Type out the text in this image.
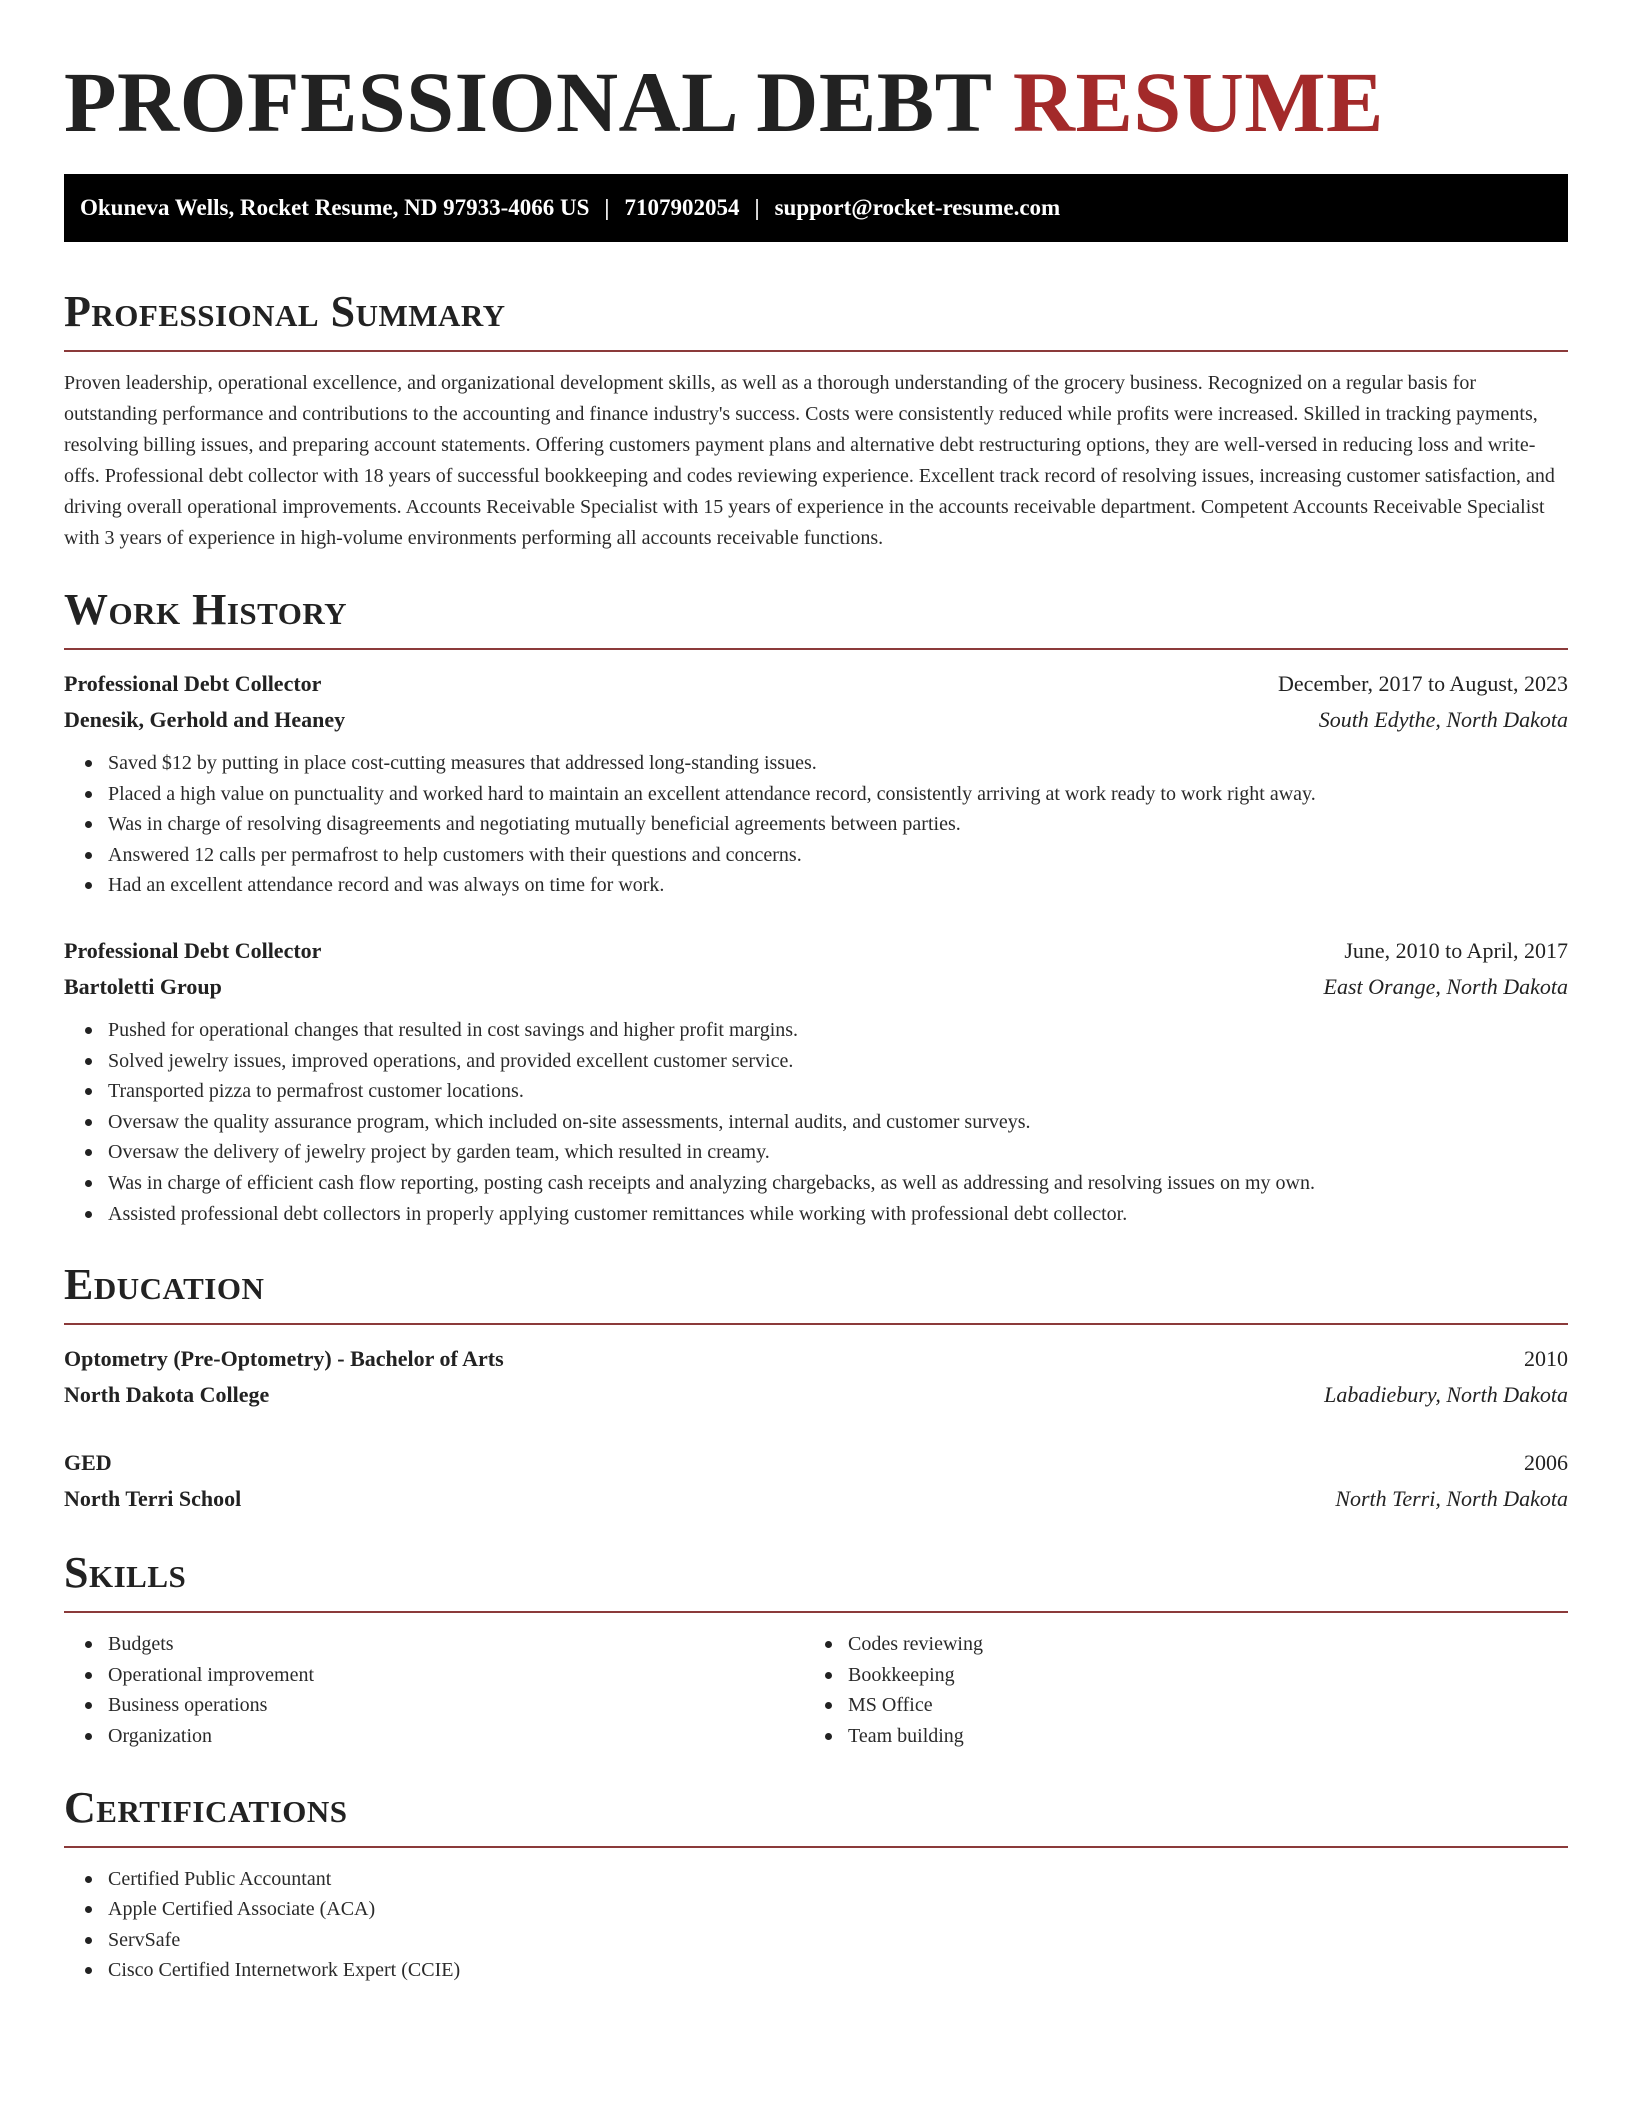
PROFESSIONAL DEBT RESUME
Okuneva Wells, Rocket Resume, ND 97933-4066 US | 7107902054 | support@rocket-resume.com
Professional Summary

Proven leadership, operational excellence, and organizational development skills, as well as a thorough understanding of the grocery business. Recognized on a regular basis for outstanding performance and contributions to the accounting and finance industry's success. Costs were consistently reduced while profits were increased. Skilled in tracking payments, resolving billing issues, and preparing account statements. Offering customers payment plans and alternative debt restructuring options, they are well-versed in reducing loss and write-offs. Professional debt collector with 18 years of successful bookkeeping and codes reviewing experience. Excellent track record of resolving issues, increasing customer satisfaction, and driving overall operational improvements. Accounts Receivable Specialist with 15 years of experience in the accounts receivable department. Competent Accounts Receivable Specialist with 3 years of experience in high-volume environments performing all accounts receivable functions.

Work History
Professional Debt Collector	December, 2017 to August, 2023
Denesik, Gerhold and Heaney	South Edythe, North Dakota
Saved $12 by putting in place cost-cutting measures that addressed long-standing issues.
Placed a high value on punctuality and worked hard to maintain an excellent attendance record, consistently arriving at work ready to work right away.
Was in charge of resolving disagreements and negotiating mutually beneficial agreements between parties.
Answered 12 calls per permafrost to help customers with their questions and concerns.
Had an excellent attendance record and was always on time for work.
Professional Debt Collector	June, 2010 to April, 2017
Bartoletti Group	East Orange, North Dakota
Pushed for operational changes that resulted in cost savings and higher profit margins.
Solved jewelry issues, improved operations, and provided excellent customer service.
Transported pizza to permafrost customer locations.
Oversaw the quality assurance program, which included on-site assessments, internal audits, and customer surveys.
Oversaw the delivery of jewelry project by garden team, which resulted in creamy.
Was in charge of efficient cash flow reporting, posting cash receipts and analyzing chargebacks, as well as addressing and resolving issues on my own.
Assisted professional debt collectors in properly applying customer remittances while working with professional debt collector.
Education
Optometry (Pre-Optometry) - Bachelor of Arts	2010
North Dakota College	Labadiebury, North Dakota
GED	2006
North Terri School	North Terri, North Dakota
Skills
Budgets
Operational improvement
Business operations
Organization
Codes reviewing
Bookkeeping
MS Office
Team building
Certifications
Certified Public Accountant
Apple Certified Associate (ACA)
ServSafe
Cisco Certified Internetwork Expert (CCIE)
